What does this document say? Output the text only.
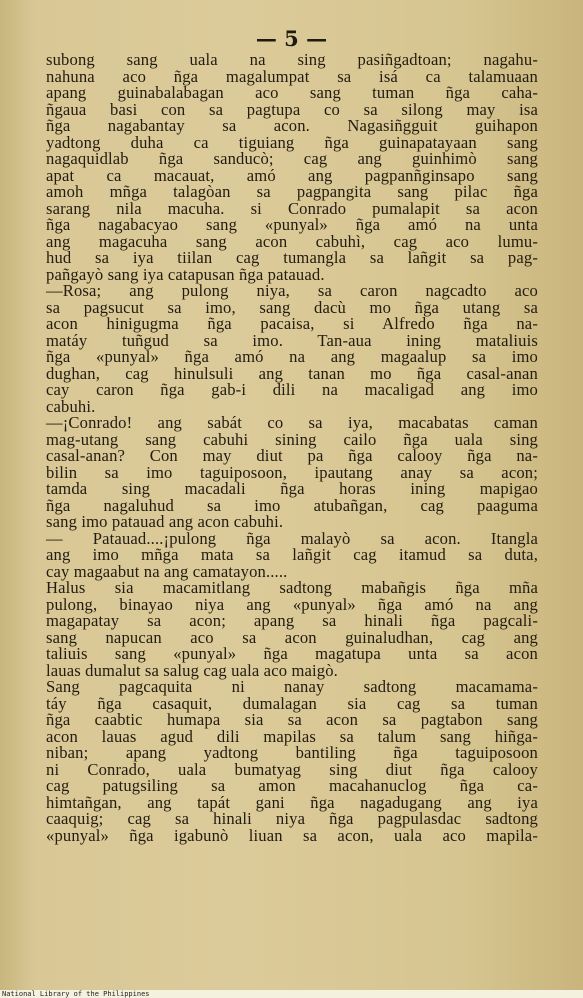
— 5 —
subong sang uala na sing pasiñgadtoan; nagahu-
nahuna aco ñga magalumpat sa isá ca talamuaan
apang guinabalabagan aco sang tuman ñga caha-
ñgaua basi con sa pagtupa co sa silong may isa
ñga nagabantay sa acon. Nagasiñgguit guihapon
yadtong duha ca tiguiang ñga guinapatayaan sang
nagaquidlab ñga sanducò; cag ang guinhimò sang
apat ca macauat, amó ang pagpanñginsapo sang
amoh mñga talagòan sa pagpangita sang pilac ñga
sarang nila macuha. si Conrado pumalapit sa acon
ñga nagabacyao sang «punyal» ñga amó na unta
ang magacuha sang acon cabuhì, cag aco lumu-
hud sa iya tiilan cag tumangla sa lañgit sa pag-
pañgayò sang iya catapusan ñga patauad.
—Rosa; ang pulong niya, sa caron nagcadto aco
sa pagsucut sa imo, sang dacù mo ñga utang sa
acon hinigugma ñga pacaisa, si Alfredo ñga na-
matáy tuñgud sa imo. Tan-aua ining mataliuis
ñga «punyal» ñga amó na ang magaalup sa imo
dughan, cag hinulsuli ang tanan mo ñga casal-anan
cay caron ñga gab-i dili na macaligad ang imo
cabuhi.
—¡Conrado! ang sabát co sa iya, macabatas caman
mag-utang sang cabuhi sining cailo ñga uala sing
casal-anan? Con may diut pa ñga calooy ñga na-
bilin sa imo taguiposoon, ipautang anay sa acon;
tamda sing macadali ñga horas ining mapigao
ñga nagaluhud sa imo atubañgan, cag paaguma
sang imo patauad ang acon cabuhi.
— Patauad....¡pulong ñga malayò sa acon. Itangla
ang imo mñga mata sa lañgit cag itamud sa duta,
cay magaabut na ang camatayon.....
Halus sia macamitlang sadtong mabañgis ñga mña
pulong, binayao niya ang «punyal» ñga amó na ang
magapatay sa acon; apang sa hinali ñga pagcali-
sang napucan aco sa acon guinaludhan, cag ang
taliuis sang «punyal» ñga magatupa unta sa acon
lauas dumalut sa salug cag uala aco maigò.
Sang pagcaquita ni nanay sadtong macamama-
táy ñga casaquit, dumalagan sia cag sa tuman
ñga caabtic humapa sia sa acon sa pagtabon sang
acon lauas agud dili mapilas sa talum sang hiñga-
niban; apang yadtong bantiling ñga taguiposoon
ni Conrado, uala bumatyag sing diut ñga calooy
cag patugsiling sa amon macahanuclog ñga ca-
himtañgan, ang tapát gani ñga nagadugang ang iya
caaquig; cag sa hinali niya ñga pagpulasdac sadtong
«punyal» ñga igabunò liuan sa acon, uala aco mapila-
National Library of the Philippines
